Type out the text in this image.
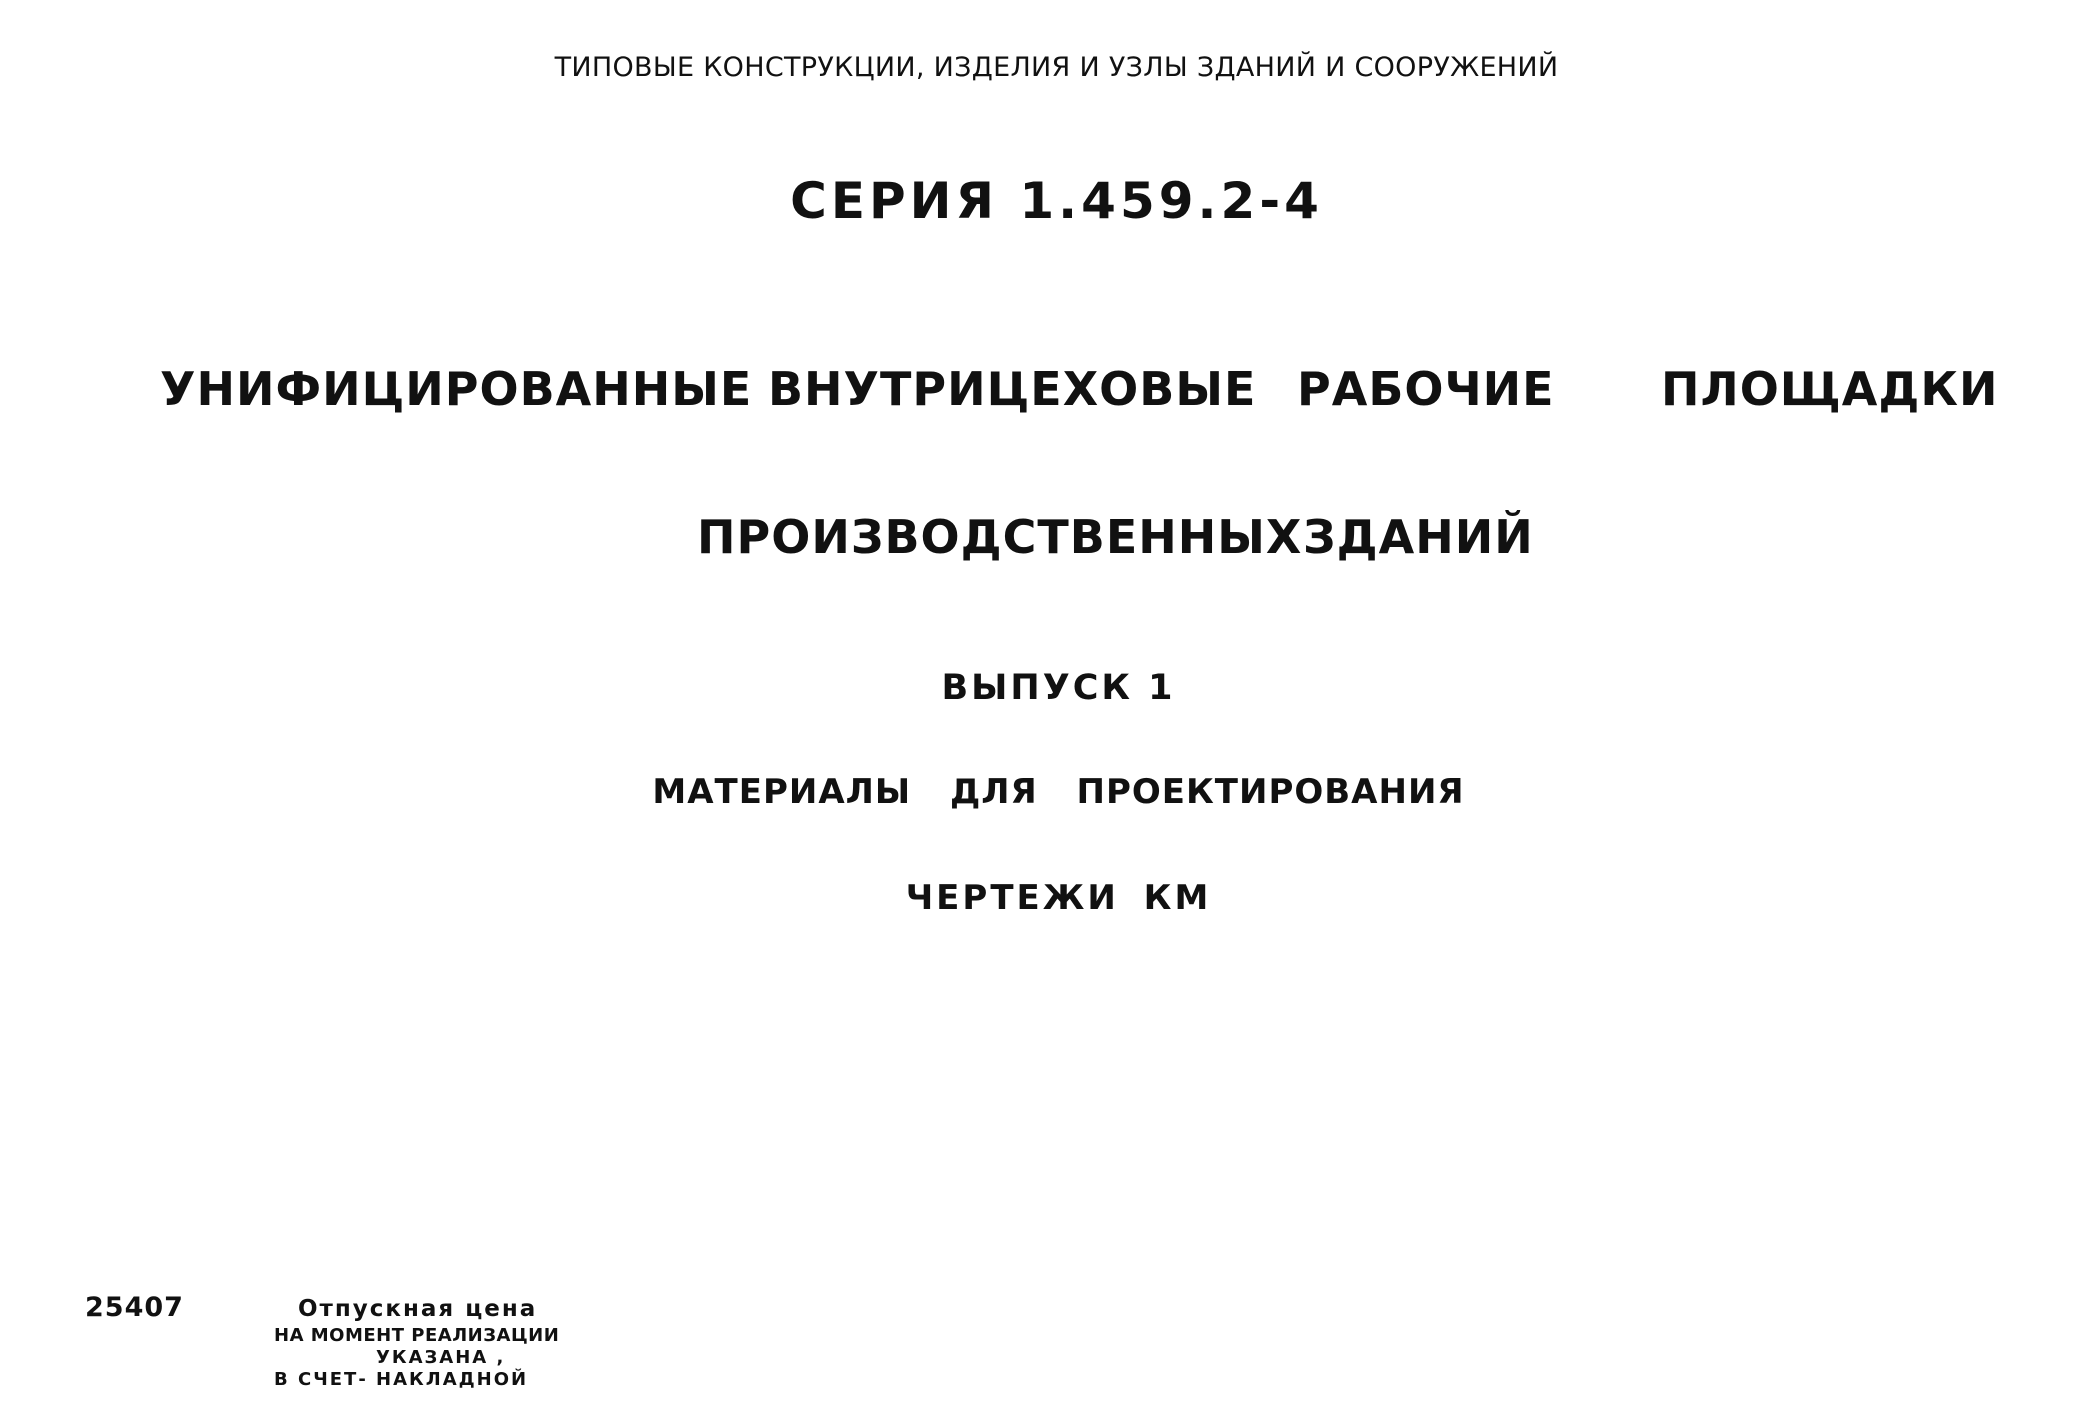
ТИПОВЫЕ КОНСТРУКЦИИ, ИЗДЕЛИЯ И УЗЛЫ ЗДАНИЙ И СООРУЖЕНИЙ
СЕРИЯ 1.459.2-4
УНИФИЦИРОВАННЫЕ ВНУТРИЦЕХОВЫЕ РАБОЧИЕ ПЛОЩАДКИ
ПРОИЗВОДСТВЕННЫХ ЗДАНИЙ
ВЫПУСК 1
МАТЕРИАЛЫ ДЛЯ ПРОЕКТИРОВАНИЯ
ЧЕРТЕЖИ КМ
25407	Отпускная цена
НА МОМЕНТ РЕАЛИЗАЦИИ
УКАЗАНА ,
В СЧЕТ- НАКЛАДНОЙ
